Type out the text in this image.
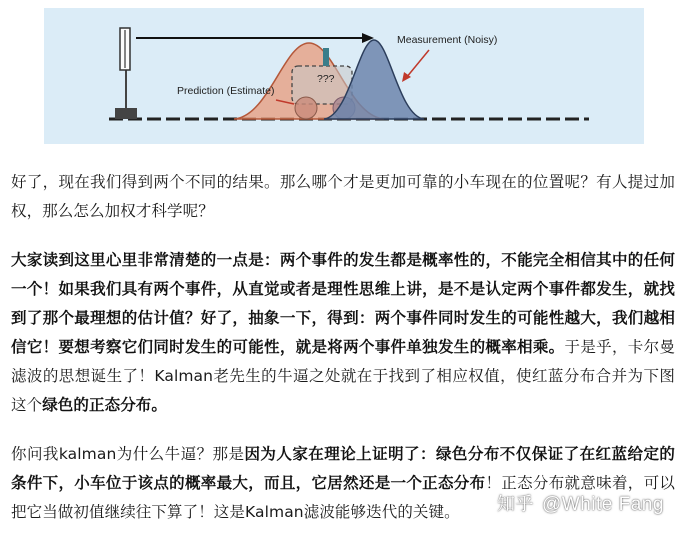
???
Measurement (Noisy)
Prediction (Estimate)

好了，现在我们得到两个不同的结果。那么哪个才是更加可靠的小车现在的位置呢？有人提过加权，那么怎么加权才科学呢？

大家读到这里心里非常清楚的一点是：两个事件的发生都是概率性的，不能完全相信其中的任何一个！如果我们具有两个事件，从直觉或者是理性思维上讲，是不是认定两个事件都发生，就找到了那个最理想的估计值？好了，抽象一下，得到：两个事件同时发生的可能性越大，我们越相信它！要想考察它们同时发生的可能性，就是将两个事件单独发生的概率相乘。于是乎，卡尔曼滤波的思想诞生了！Kalman老先生的牛逼之处就在于找到了相应权值，使红蓝分布合并为下图这个绿色的正态分布。

你问我kalman为什么牛逼？那是因为人家在理论上证明了：绿色分布不仅保证了在红蓝给定的条件下，小车位于该点的概率最大，而且，它居然还是一个正态分布！正态分布就意味着，可以把它当做初值继续往下算了！这是Kalman滤波能够迭代的关键。	知乎 @White Fang
